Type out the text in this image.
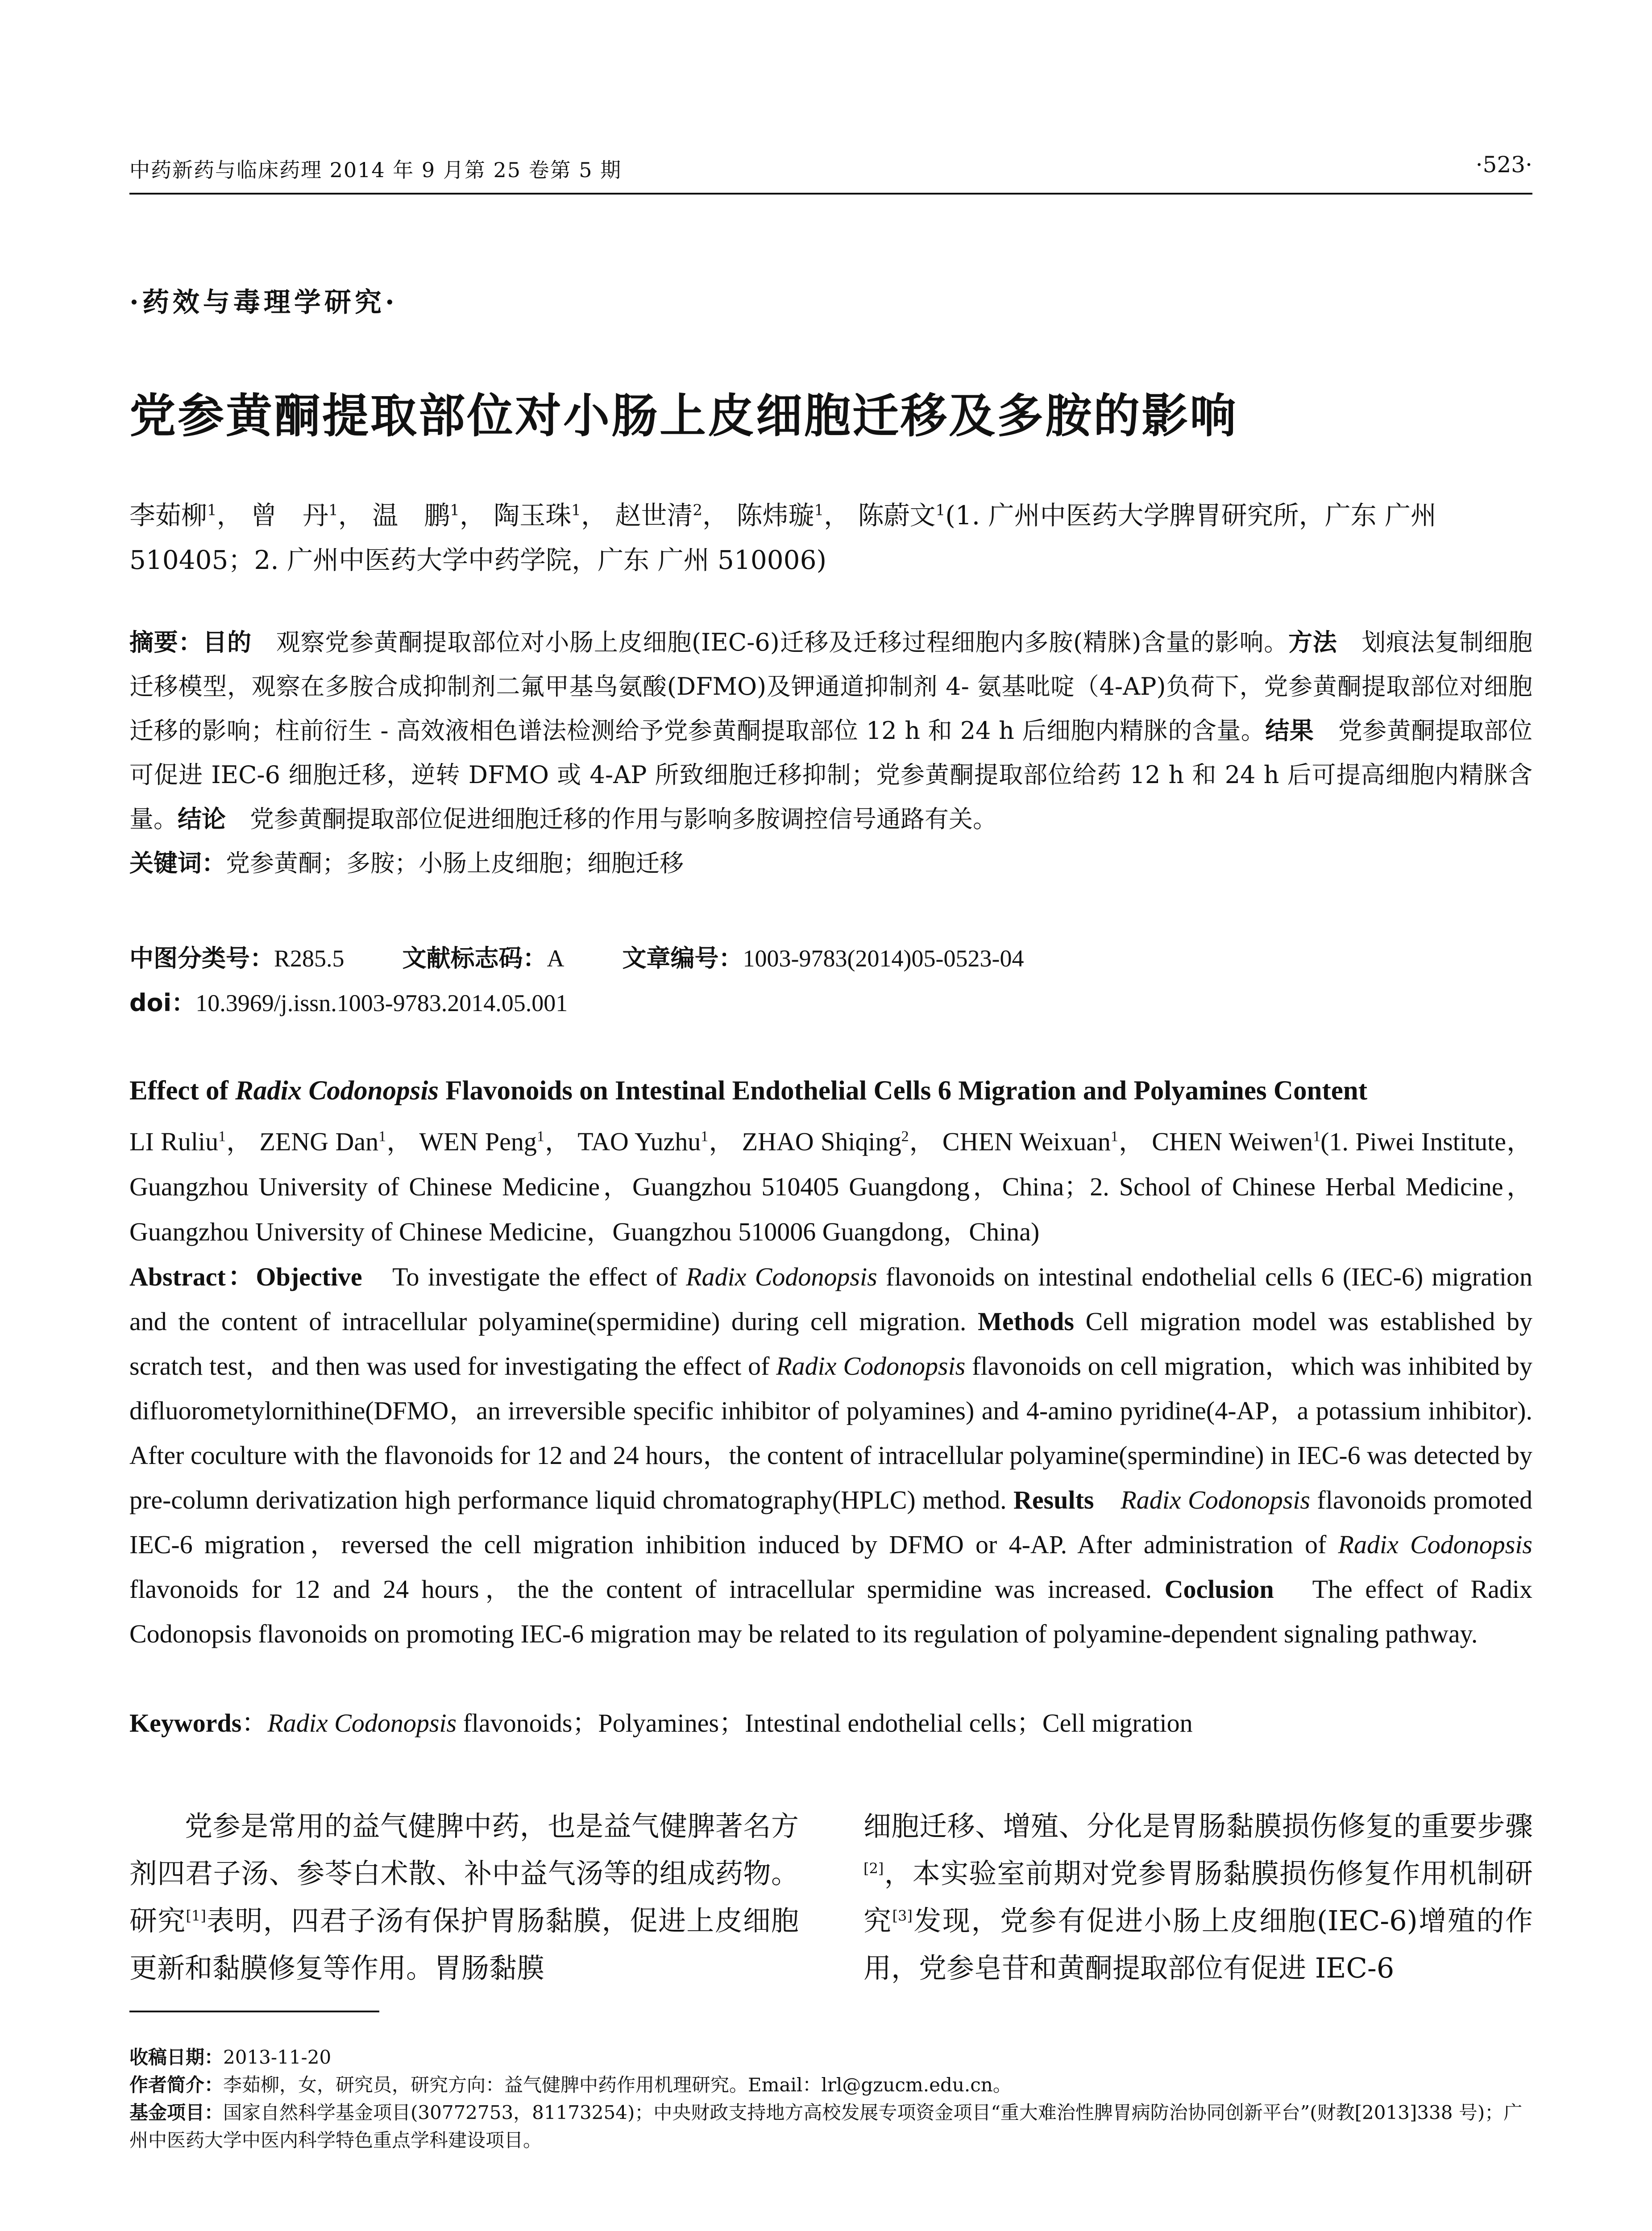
中药新药与临床药理 2014 年 9 月第 25 卷第 5 期	·523·
·药效与毒理学研究·
党参黄酮提取部位对小肠上皮细胞迁移及多胺的影响
李茹柳$^1$， 曾　丹$^1$， 温　鹏$^1$， 陶玉珠$^1$， 赵世清$^2$， 陈炜璇$^1$， 陈蔚文$^1$(1. 广州中医药大学脾胃研究所，广东 广州 510405；2. 广州中医药大学中药学院，广东 广州 510006)
摘要：目的　观察党参黄酮提取部位对小肠上皮细胞(IEC-6)迁移及迁移过程细胞内多胺(精脒)含量的影响。方法　划痕法复制细胞迁移模型，观察在多胺合成抑制剂二氟甲基鸟氨酸(DFMO)及钾通道抑制剂 4- 氨基吡啶（4-AP)负荷下，党参黄酮提取部位对细胞迁移的影响；柱前衍生 - 高效液相色谱法检测给予党参黄酮提取部位 12 h 和 24 h 后细胞内精脒的含量。结果　党参黄酮提取部位可促进 IEC-6 细胞迁移，逆转 DFMO 或 4-AP 所致细胞迁移抑制；党参黄酮提取部位给药 12 h 和 24 h 后可提高细胞内精脒含量。结论　党参黄酮提取部位促进细胞迁移的作用与影响多胺调控信号通路有关。
关键词：党参黄酮；多胺；小肠上皮细胞；细胞迁移
中图分类号：R285.5 文献标志码：A 文章编号：1003-9783(2014)05-0523-04
doi：10.3969/j.issn.1003-9783.2014.05.001
Effect of Radix Codonopsis Flavonoids on Intestinal Endothelial Cells 6 Migration and Polyamines Content
LI Ruliu$^1$， ZENG Dan$^1$， WEN Peng$^1$， TAO Yuzhu$^1$， ZHAO Shiqing$^2$， CHEN Weixuan$^1$， CHEN Weiwen$^1$(1. Piwei Institute，Guangzhou University of Chinese Medicine，Guangzhou 510405 Guangdong，China；2. School of Chinese Herbal Medicine，Guangzhou University of Chinese Medicine，Guangzhou 510006 Guangdong，China)
Abstract：Objective　To investigate the effect of Radix Codonopsis flavonoids on intestinal endothelial cells 6 (IEC-6) migration and the content of intracellular polyamine(spermidine) during cell migration. Methods Cell migration model was established by scratch test，and then was used for investigating the effect of Radix Codonopsis flavonoids on cell migration，which was inhibited by difluorometylornithine(DFMO，an irreversible specific inhibitor of polyamines) and 4-amino pyridine(4-AP，a potassium inhibitor). After coculture with the flavonoids for 12 and 24 hours，the content of intracellular polyamine(spermindine) in IEC-6 was detected by pre-column derivatization high performance liquid chromatography(HPLC) method. Results　 Radix Codonopsis flavonoids promoted IEC-6 migration，reversed the cell migration inhibition induced by DFMO or 4-AP. After administration of Radix Codonopsis flavonoids for 12 and 24 hours，the the content of intracellular spermidine was increased. Coclusion　The effect of Radix Codonopsis flavonoids on promoting IEC-6 migration may be related to its regulation of polyamine-dependent signaling pathway.
Keywords：Radix Codonopsis flavonoids；Polyamines；Intestinal endothelial cells；Cell migration
党参是常用的益气健脾中药，也是益气健脾著名方剂四君子汤、参苓白术散、补中益气汤等的组成药物。研究[1]表明，四君子汤有保护胃肠黏膜，促进上皮细胞更新和黏膜修复等作用。胃肠黏膜
细胞迁移、增殖、分化是胃肠黏膜损伤修复的重要步骤[2]，本实验室前期对党参胃肠黏膜损伤修复作用机制研究[3]发现，党参有促进小肠上皮细胞(IEC-6)增殖的作用，党参皂苷和黄酮提取部位有促进 IEC-6
收稿日期：2013-11-20
作者简介：李茹柳，女，研究员，研究方向：益气健脾中药作用机理研究。Email：lrl@gzucm.edu.cn。
基金项目：国家自然科学基金项目(30772753，81173254)；中央财政支持地方高校发展专项资金项目“重大难治性脾胃病防治协同创新平台”(财教[2013]338 号)；广州中医药大学中医内科学特色重点学科建设项目。
